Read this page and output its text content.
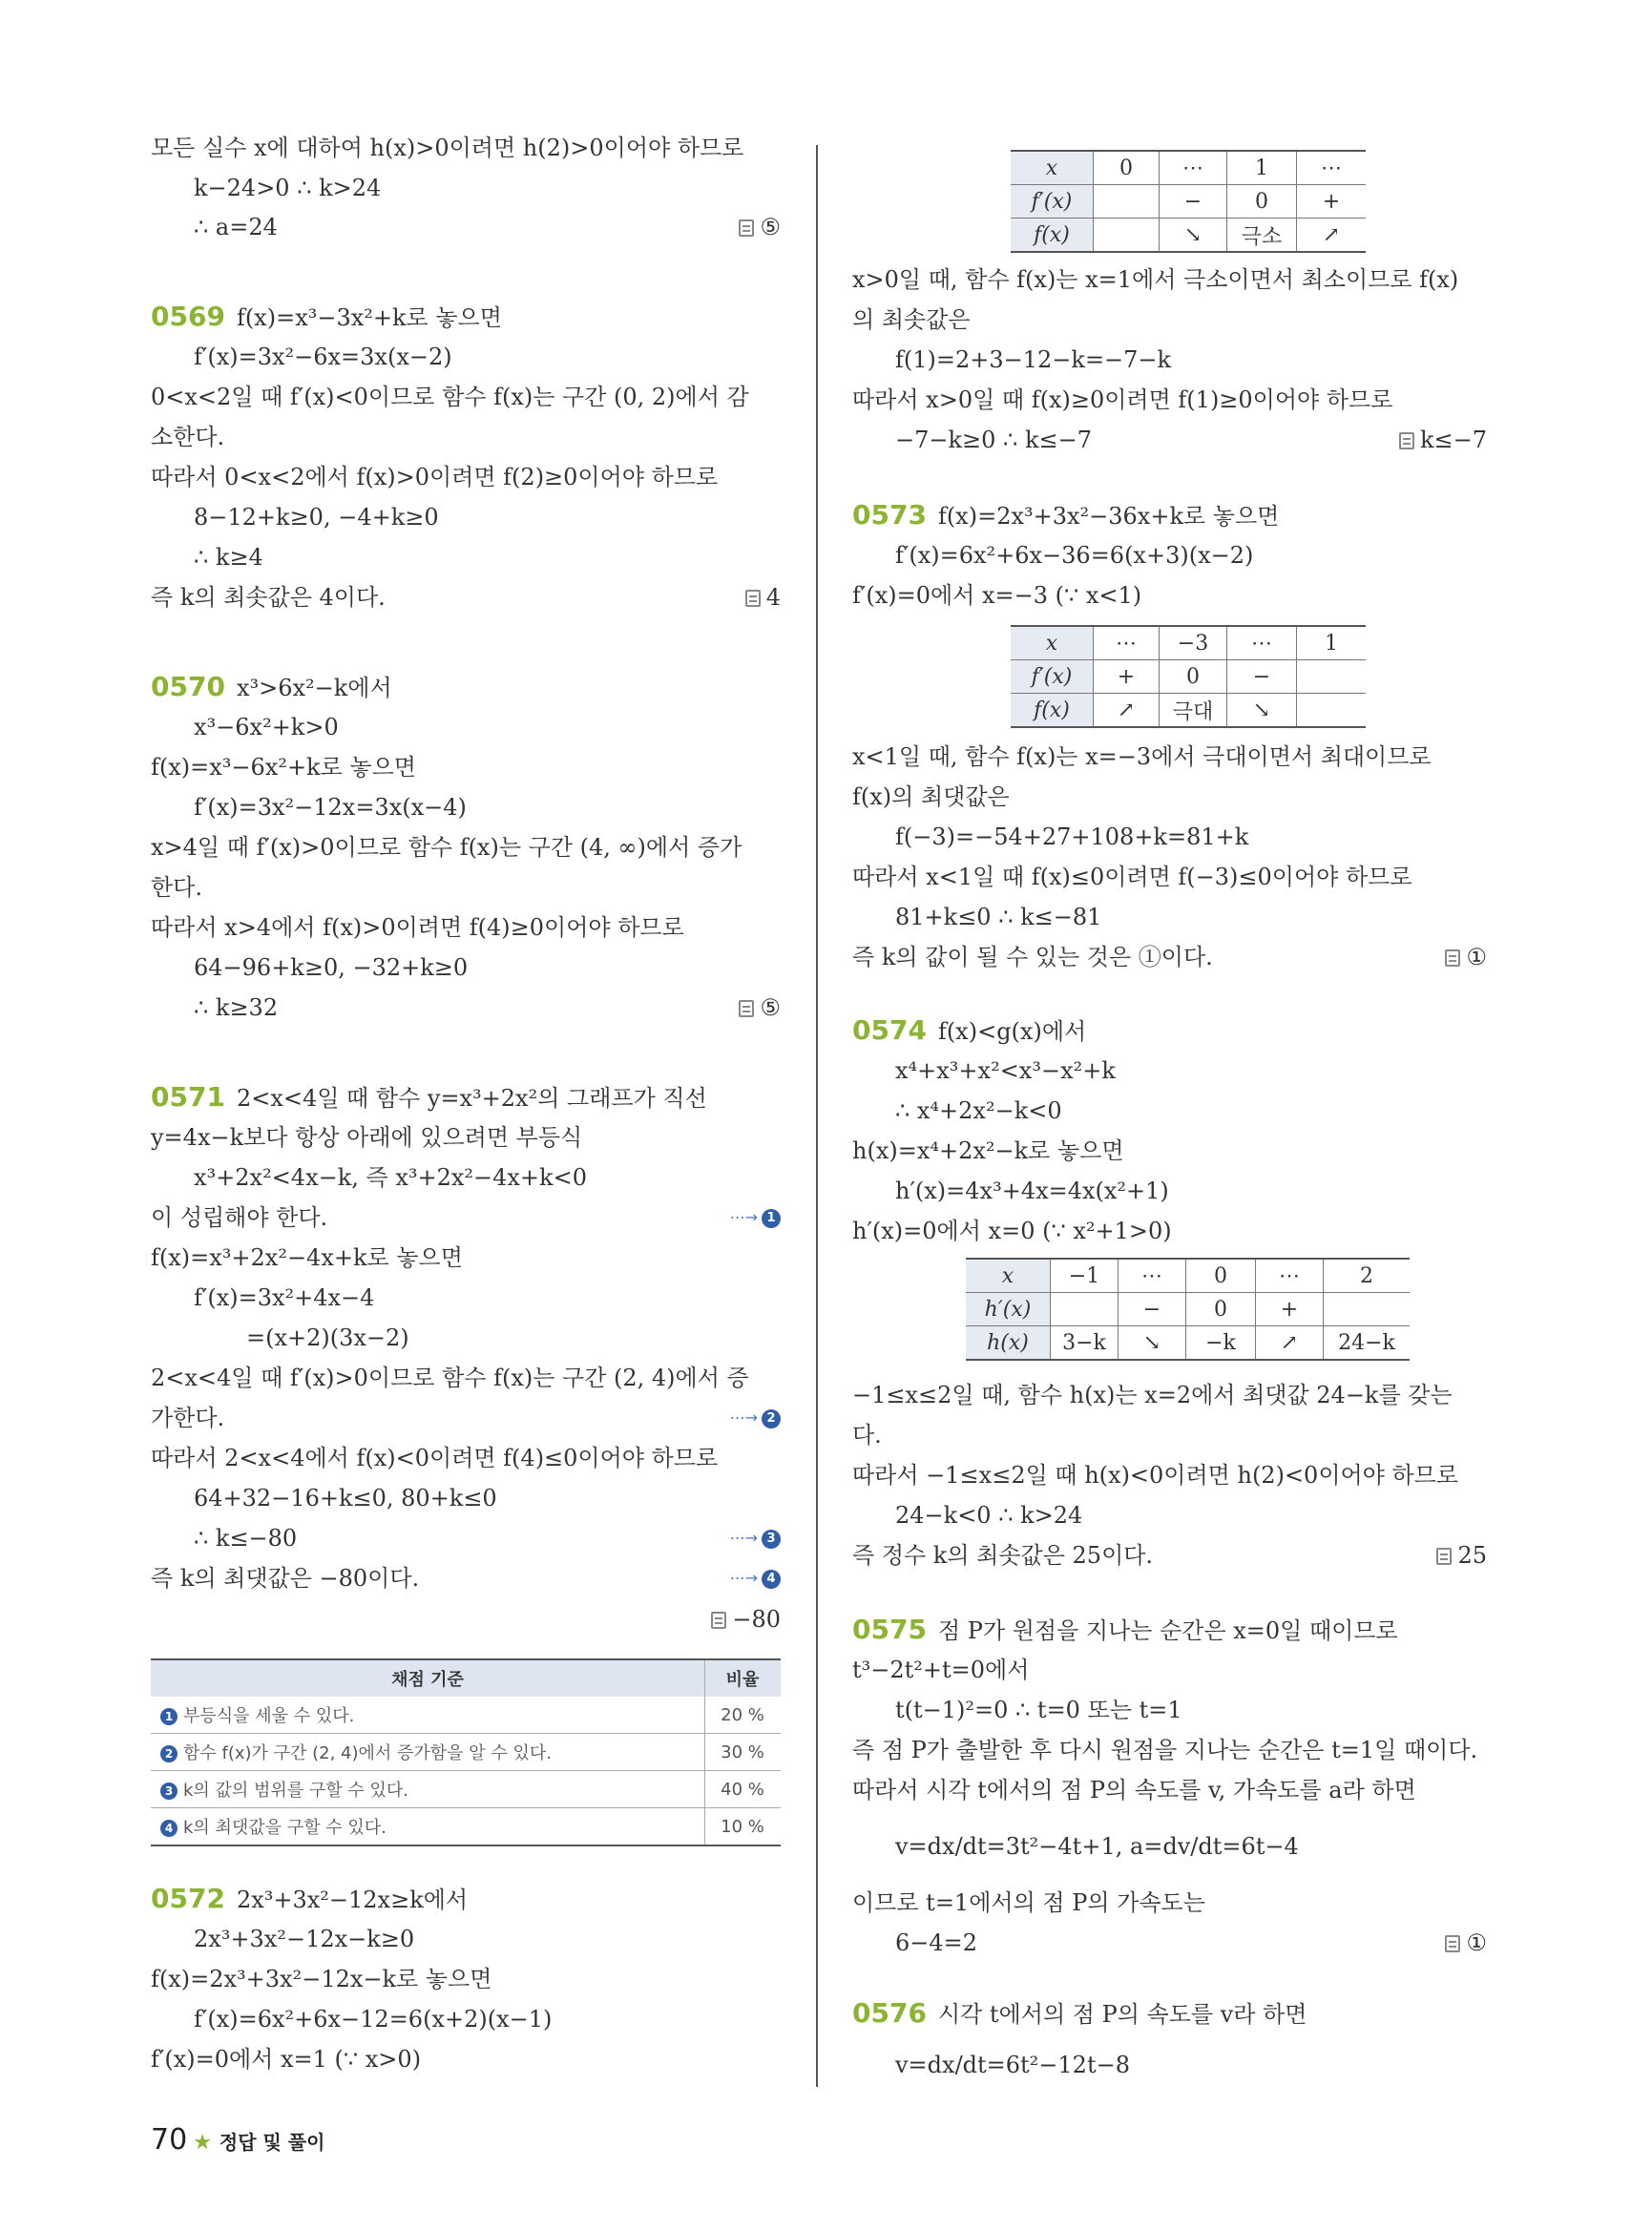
모든 실수 x에 대하여 h(x)>0이려면 h(2)>0이어야 하므로
k−24>0 ∴ k>24
∴ a=24	⑤
0569 f(x)=x³−3x²+k로 놓으면
f′(x)=3x²−6x=3x(x−2)
0<x<2일 때 f′(x)<0이므로 함수 f(x)는 구간 (0, 2)에서 감
소한다.
따라서 0<x<2에서 f(x)>0이려면 f(2)≥0이어야 하므로
8−12+k≥0, −4+k≥0
∴ k≥4
즉 k의 최솟값은 4이다.	4
0570 x³>6x²−k에서
x³−6x²+k>0
f(x)=x³−6x²+k로 놓으면
f′(x)=3x²−12x=3x(x−4)
x>4일 때 f′(x)>0이므로 함수 f(x)는 구간 (4, ∞)에서 증가
한다.
따라서 x>4에서 f(x)>0이려면 f(4)≥0이어야 하므로
64−96+k≥0, −32+k≥0
∴ k≥32	⑤
0571 2<x<4일 때 함수 y=x³+2x²의 그래프가 직선
y=4x−k보다 항상 아래에 있으려면 부등식
x³+2x²<4x−k, 즉 x³+2x²−4x+k<0
이 성립해야 한다.	⋯→ 1
f(x)=x³+2x²−4x+k로 놓으면
f′(x)=3x²+4x−4
=(x+2)(3x−2)
2<x<4일 때 f′(x)>0이므로 함수 f(x)는 구간 (2, 4)에서 증
가한다.	⋯→ 2
따라서 2<x<4에서 f(x)<0이려면 f(4)≤0이어야 하므로
64+32−16+k≤0, 80+k≤0
∴ k≤−80	⋯→ 3
즉 k의 최댓값은 −80이다.	⋯→ 4
−80
0572 2x³+3x²−12x≥k에서
2x³+3x²−12x−k≥0
f(x)=2x³+3x²−12x−k로 놓으면
f′(x)=6x²+6x−12=6(x+2)(x−1)
f′(x)=0에서 x=1 (∵ x>0)
x>0일 때, 함수 f(x)는 x=1에서 극소이면서 최소이므로 f(x)
의 최솟값은
f(1)=2+3−12−k=−7−k
따라서 x>0일 때 f(x)≥0이려면 f(1)≥0이어야 하므로
−7−k≥0 ∴ k≤−7	k≤−7
0573 f(x)=2x³+3x²−36x+k로 놓으면
f′(x)=6x²+6x−36=6(x+3)(x−2)
f′(x)=0에서 x=−3 (∵ x<1)
x<1일 때, 함수 f(x)는 x=−3에서 극대이면서 최대이므로
f(x)의 최댓값은
f(−3)=−54+27+108+k=81+k
따라서 x<1일 때 f(x)≤0이려면 f(−3)≤0이어야 하므로
81+k≤0 ∴ k≤−81
즉 k의 값이 될 수 있는 것은 ①이다.	①
0574 f(x)<g(x)에서
x⁴+x³+x²<x³−x²+k
∴ x⁴+2x²−k<0
h(x)=x⁴+2x²−k로 놓으면
h′(x)=4x³+4x=4x(x²+1)
h′(x)=0에서 x=0 (∵ x²+1>0)
−1≤x≤2일 때, 함수 h(x)는 x=2에서 최댓값 24−k를 갖는
다.
따라서 −1≤x≤2일 때 h(x)<0이려면 h(2)<0이어야 하므로
24−k<0 ∴ k>24
즉 정수 k의 최솟값은 25이다.	25
0575 점 P가 원점을 지나는 순간은 x=0일 때이므로
t³−2t²+t=0에서
t(t−1)²=0 ∴ t=0 또는 t=1
즉 점 P가 출발한 후 다시 원점을 지나는 순간은 t=1일 때이다.
따라서 시각 t에서의 점 P의 속도를 v, 가속도를 a라 하면
v=dx/dt=3t²−4t+1, a=dv/dt=6t−4
이므로 t=1에서의 점 P의 가속도는
6−4=2	①
0576 시각 t에서의 점 P의 속도를 v라 하면
v=dx/dt=6t²−12t−8
x	0	⋯	1	⋯
f′(x)		−	0	+
f(x)		↘	극소	↗
x	⋯	−3	⋯	1
f′(x)	+	0	−	
f(x)	↗	극대	↘	
x	−1	⋯	0	⋯	2
h′(x)		−	0	+	
h(x)	3−k	↘	−k	↗	24−k
채점 기준	비율
1 부등식을 세울 수 있다.	20 %
2 함수 f(x)가 구간 (2, 4)에서 증가함을 알 수 있다.	30 %
3 k의 값의 범위를 구할 수 있다.	40 %
4 k의 최댓값을 구할 수 있다.	10 %
70 ★ 정답 및 풀이
